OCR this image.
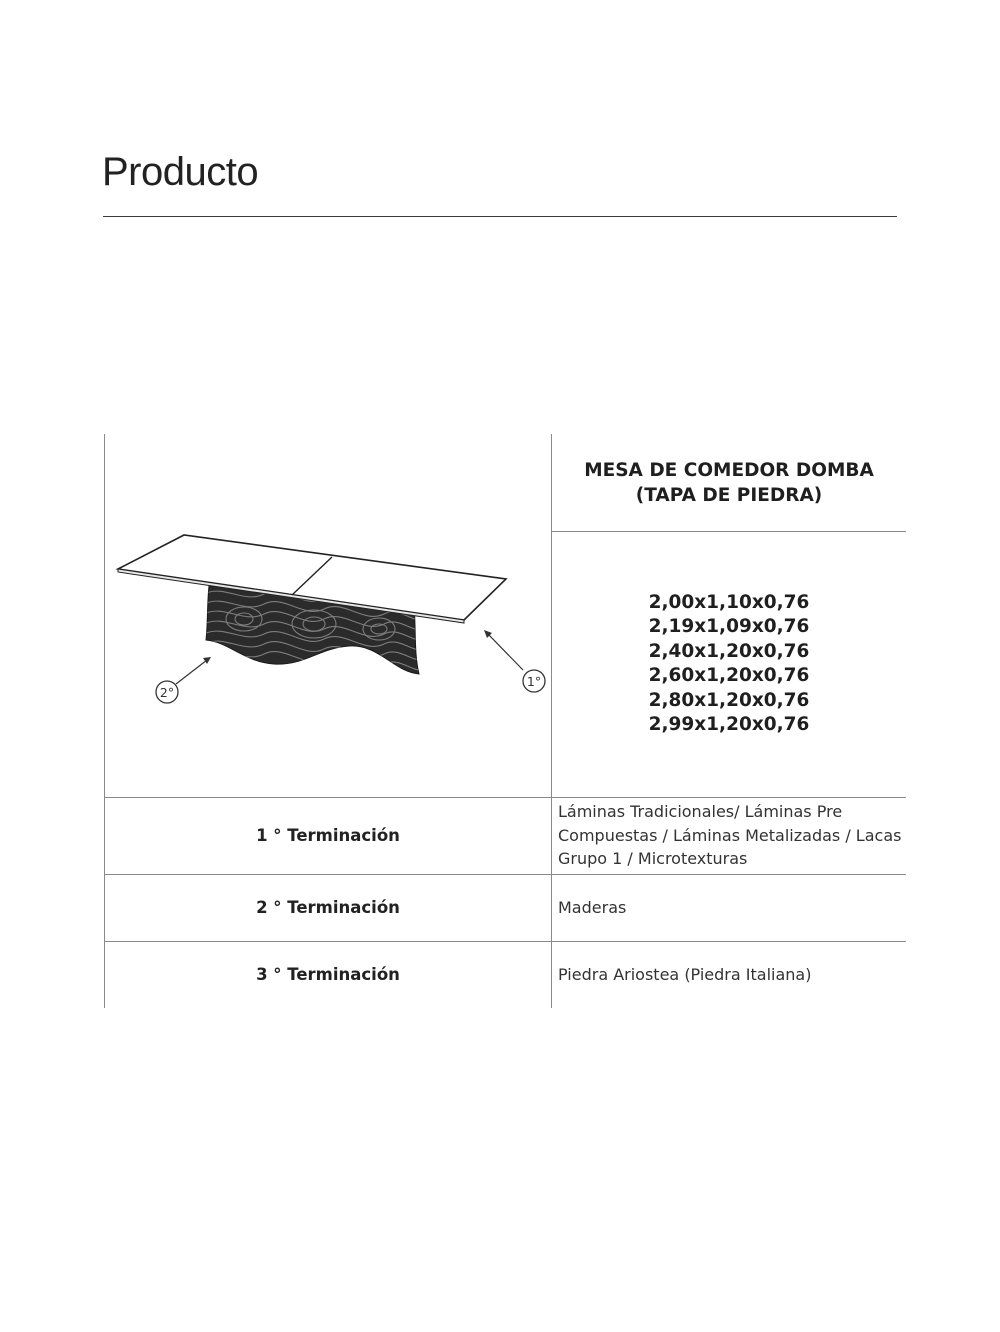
Producto
1°
2°
MESA DE COMEDOR DOMBA
(TAPA DE PIEDRA)
2,00x1,10x0,76
2,19x1,09x0,76
2,40x1,20x0,76
2,60x1,20x0,76
2,80x1,20x0,76
2,99x1,20x0,76
1 ° Terminación
Láminas Tradicionales/ Láminas Pre Compuestas / Láminas Metalizadas / Lacas Grupo 1 / Microtexturas
2 ° Terminación	Maderas
3 ° Terminación	Piedra Ariostea (Piedra Italiana)
